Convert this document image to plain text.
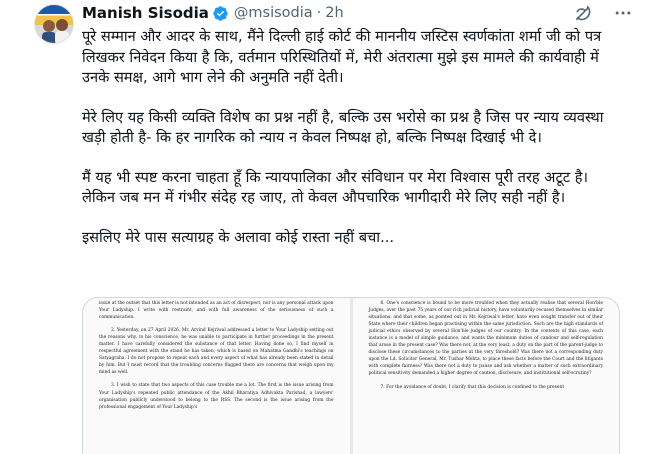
Manish Sisodia @msisodia · 2h

पूरे सम्मान और आदर के साथ, मैंने दिल्ली हाई कोर्ट की माननीय जस्टिस स्वर्णकांता शर्मा जी को पत्र लिखकर निवेदन किया है कि, वर्तमान परिस्थितियों में, मेरी अंतरात्मा मुझे इस मामले की कार्यवाही में उनके समक्ष, आगे भाग लेने की अनुमति नहीं देती।

मेरे लिए यह किसी व्यक्ति विशेष का प्रश्न नहीं है, बल्कि उस भरोसे का प्रश्न है जिस पर न्याय व्यवस्था खड़ी होती है- कि हर नागरिक को न्याय न केवल निष्पक्ष हो, बल्कि निष्पक्ष दिखाई भी दे।

मैं यह भी स्पष्ट करना चाहता हूँ कि न्यायपालिका और संविधान पर मेरा विश्वास पूरी तरह अटूट है। लेकिन जब मन में गंभीर संदेह रह जाए, तो केवल औपचारिक भागीदारी मेरे लिए सही नहीं है।

इसलिए मेरे पास सत्याग्रह के अलावा कोई रास्ता नहीं बचा...

issue at the outset that this letter is not intended as an act of disrespect, nor is any personal attack upon Your Ladyship. I write with restraint, and with full awareness of the seriousness of such a communication.

2. Yesterday, on 27 April 2026, Mr. Arvind Kejriwal addressed a letter to Your Ladyship setting out the reasons why, in his conscience, he was unable to participate in further proceedings in the present matter. I have carefully considered the substance of that letter. Having done so, I find myself in respectful agreement with the stand he has taken, which is based on Mahatma Gandhi's teachings on Satyagraha. I do not propose to repeat each and every aspect of what has already been stated in detail by him. But I must record that the troubling concerns flagged there are concerns that weigh upon my mind as well.

3. I wish to state that two aspects of this case trouble me a lot. The first is the issue arising from Your Ladyship's repeated public attendance of the Akhil Bharatiya Adhivakta Parishad, a lawyers' organisation publicly understood to belong to the RSS. The second is the issue arising from the professional engagement of Your Ladyship's

6. One's conscience is bound to be more troubled when they actually realise that several Hon'ble Judges, over the past 75 years of our rich judicial history, have voluntarily recused themselves in similar situations, and that some, as pointed out in Mr. Kejriwal's letter, have even sought transfer out of their State where their children began practising within the same jurisdiction. Such are the high standards of judicial ethics observed by several Hon'ble judges of our country. In the contexts of this case, each instance is a model of simple guidance, and wants the minimum duties of candour and self-regulation that arose in the present case? Was there not, at the very least, a duty on the part of the parent-judge to disclose these circumstances to the parties at the very threshold? Was there not a corresponding duty upon the Ld. Solicitor General, Mr. Tushar Mehta, to place these facts before the Court and the litigants with complete fairness? Was there not a duty to pause and ask whether a matter of such extraordinary political sensitivity demanded a higher degree of caution, disclosure, and institutional self-scrutiny?

7. For the avoidance of doubt, I clarify that this decision is confined to the present
